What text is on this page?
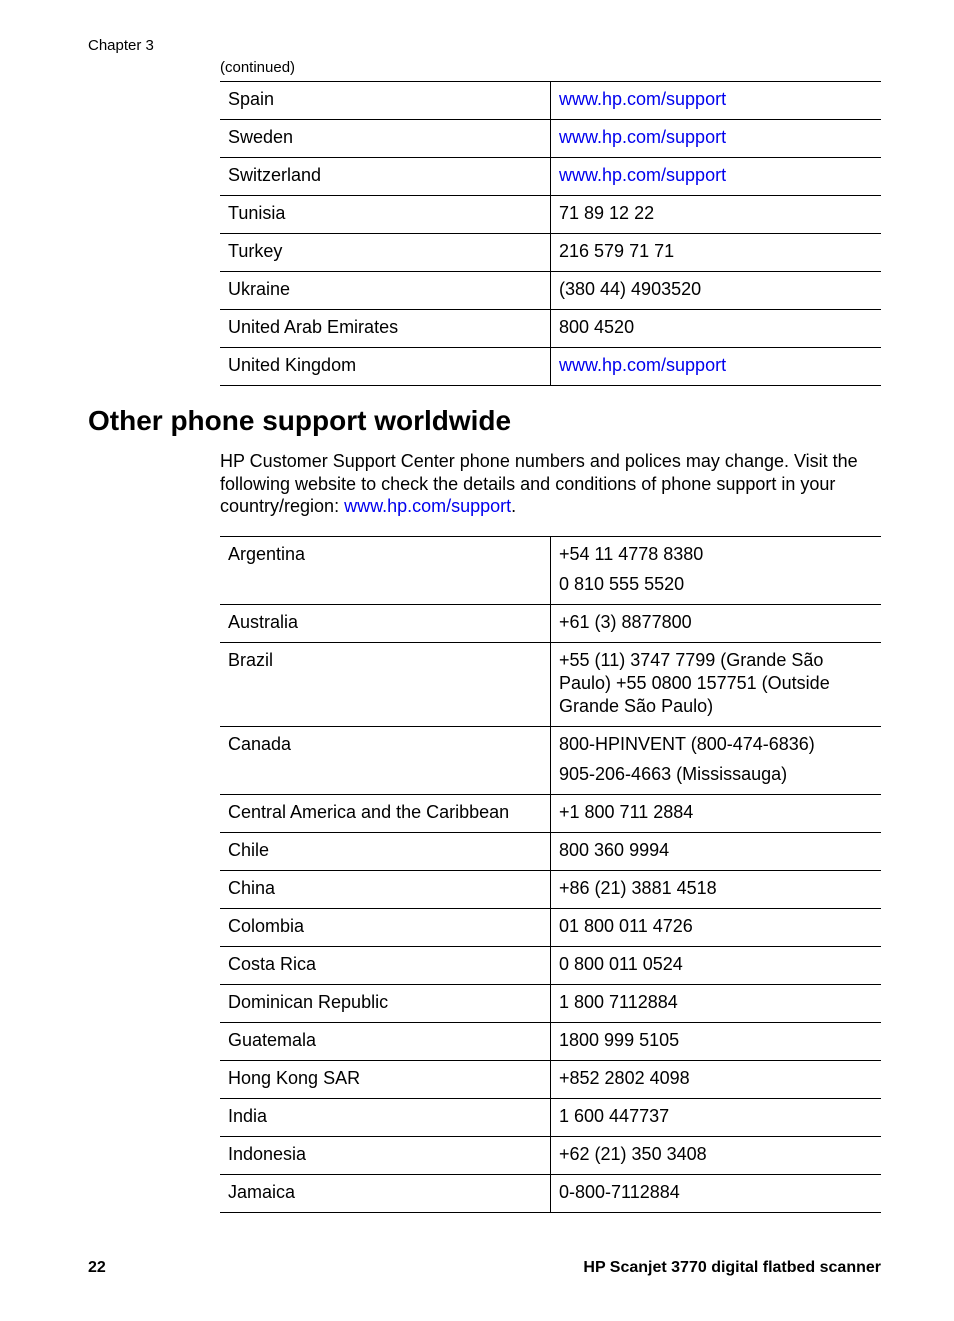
Chapter 3
(continued)
Spain	www.hp.com/support
Sweden	www.hp.com/support
Switzerland	www.hp.com/support
Tunisia	71 89 12 22
Turkey	216 579 71 71
Ukraine	(380 44) 4903520
United Arab Emirates	800 4520
United Kingdom	www.hp.com/support
Other phone support worldwide

HP Customer Support Center phone numbers and polices may change. Visit the following website to check the details and conditions of phone support in your country/region: www.hp.com/support.

Argentina	+54 11 4778 8380
0 810 555 5520

Australia	+61 (3) 8877800
Brazil	+55 (11) 3747 7799 (Grande São Paulo) +55 0800 157751 (Outside Grande São Paulo)
Canada	800-HPINVENT (800-474-6836)
905-206-4663 (Mississauga)

Central America and the Caribbean	+1 800 711 2884
Chile	800 360 9994
China	+86 (21) 3881 4518
Colombia	01 800 011 4726
Costa Rica	0 800 011 0524
Dominican Republic	1 800 7112884
Guatemala	1800 999 5105
Hong Kong SAR	+852 2802 4098
India	1 600 447737
Indonesia	+62 (21) 350 3408
Jamaica	0-800-7112884
22	HP Scanjet 3770 digital flatbed scanner
